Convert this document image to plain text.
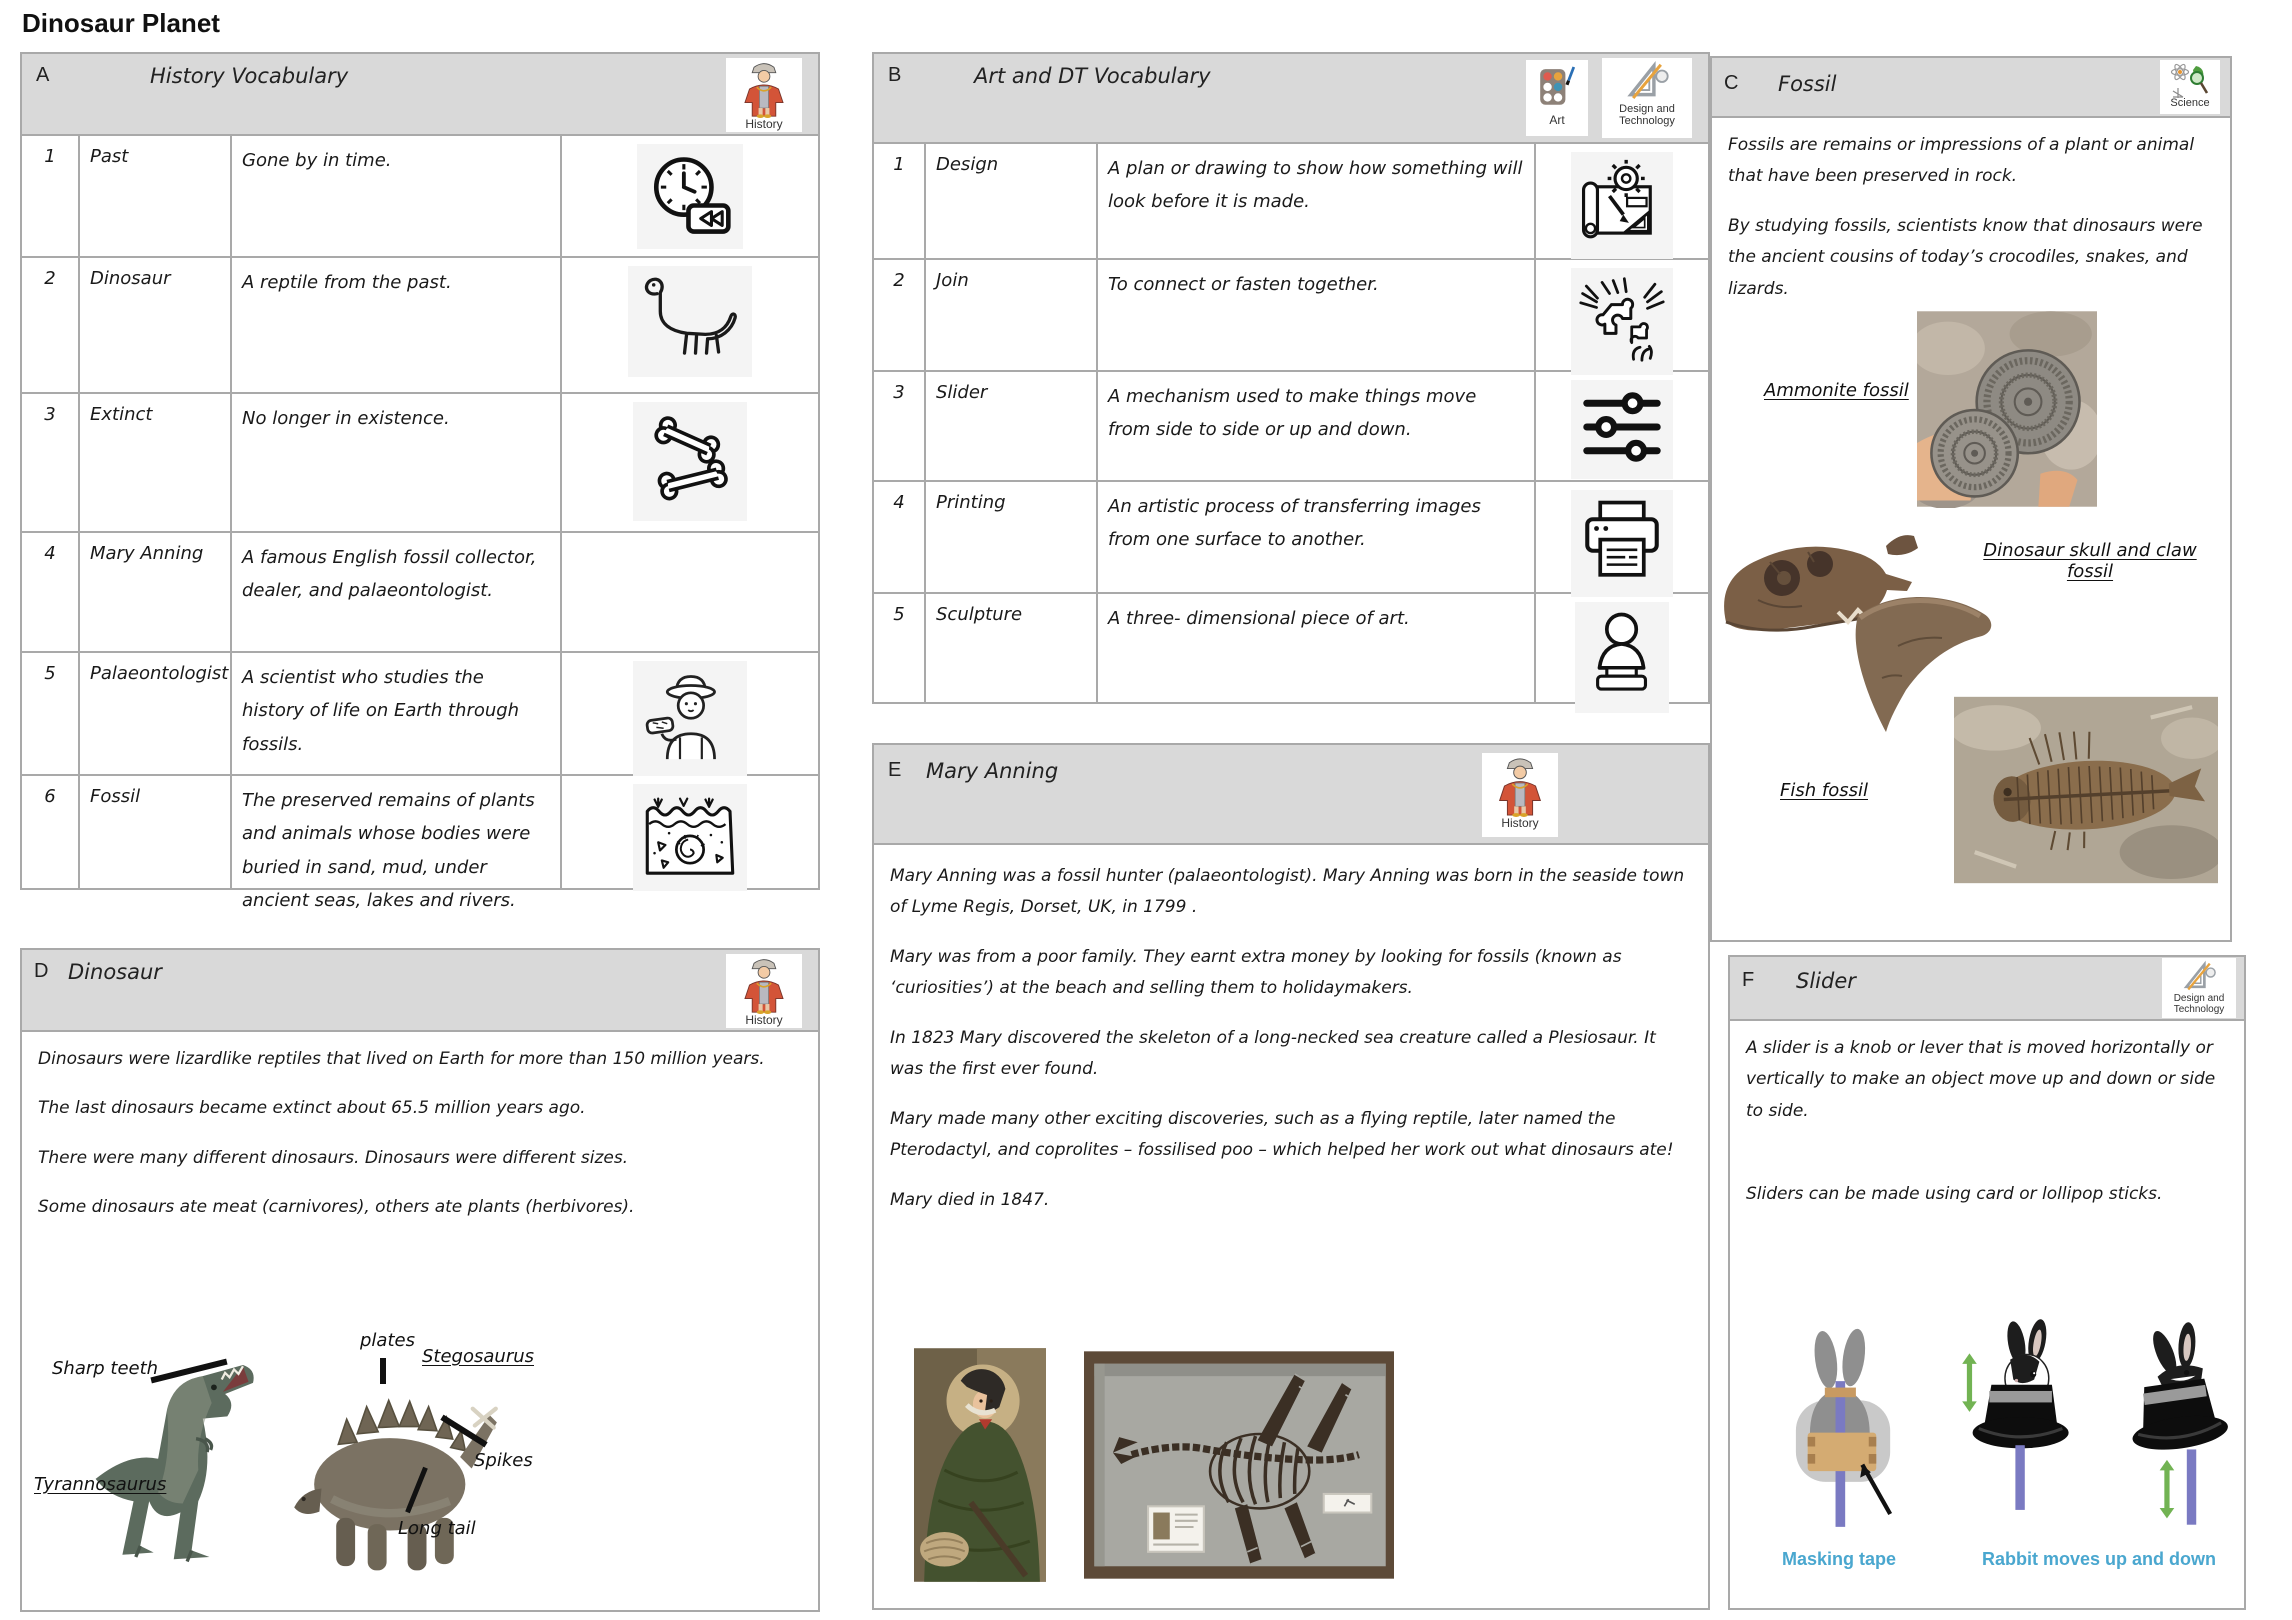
Dinosaur Planet
A	History Vocabulary
History
1	Past	Gone by in time.
2	Dinosaur	A reptile from the past.
3	Extinct	No longer in existence.
4	Mary Anning	A famous English fossil collector, dealer, and palaeontologist.
5	Palaeontologist A scientist who studies the history of life on Earth through fossils.
6	Fossil	The preserved remains of plants and animals whose bodies were buried in sand, mud, under ancient seas, lakes and rivers.
B	Art and DT Vocabulary
Art
Design and Technology
1	Design	A plan or drawing to show how something will look before it is made.
2	Join	To connect or fasten together.
3	Slider	A mechanism used to make things move from side to side or up and down.
4	Printing	An artistic process of transferring images from one surface to another.
5	Sculpture	A three- dimensional piece of art.
C Fossil
Science

Fossils are remains or impressions of a plant or animal that have been preserved in rock.

By studying fossils, scientists know that dinosaurs were the ancient cousins of today’s crocodiles, snakes, and lizards.

Ammonite fossil
Dinosaur skull and claw
fossil
Fish fossil
D Dinosaur
History

Dinosaurs were lizardlike reptiles that lived on Earth for more than 150 million years.

The last dinosaurs became extinct about 65.5 million years ago.

There were many different dinosaurs. Dinosaurs were different sizes.

Some dinosaurs ate meat (carnivores), others ate plants (herbivores).

Sharp teeth
Tyrannosaurus
plates
Stegosaurus
Spikes
Long tail
E Mary Anning
History

Mary Anning was a fossil hunter (palaeontologist). Mary Anning was born in the seaside town of Lyme Regis, Dorset, UK, in 1799 .

Mary was from a poor family. They earnt extra money by looking for fossils (known as ‘curiosities’) at the beach and selling them to holidaymakers.

In 1823 Mary discovered the skeleton of a long-necked sea creature called a Plesiosaur. It was the first ever found.

Mary made many other exciting discoveries, such as a flying reptile, later named the Pterodactyl, and coprolites – fossilised poo – which helped her work out what dinosaurs ate!

Mary died in 1847.

F Slider
Design and Technology

A slider is a knob or lever that is moved horizontally or vertically to make an object move up and down or side to side.

Sliders can be made using card or lollipop sticks.

Masking tape	Rabbit moves up and down
